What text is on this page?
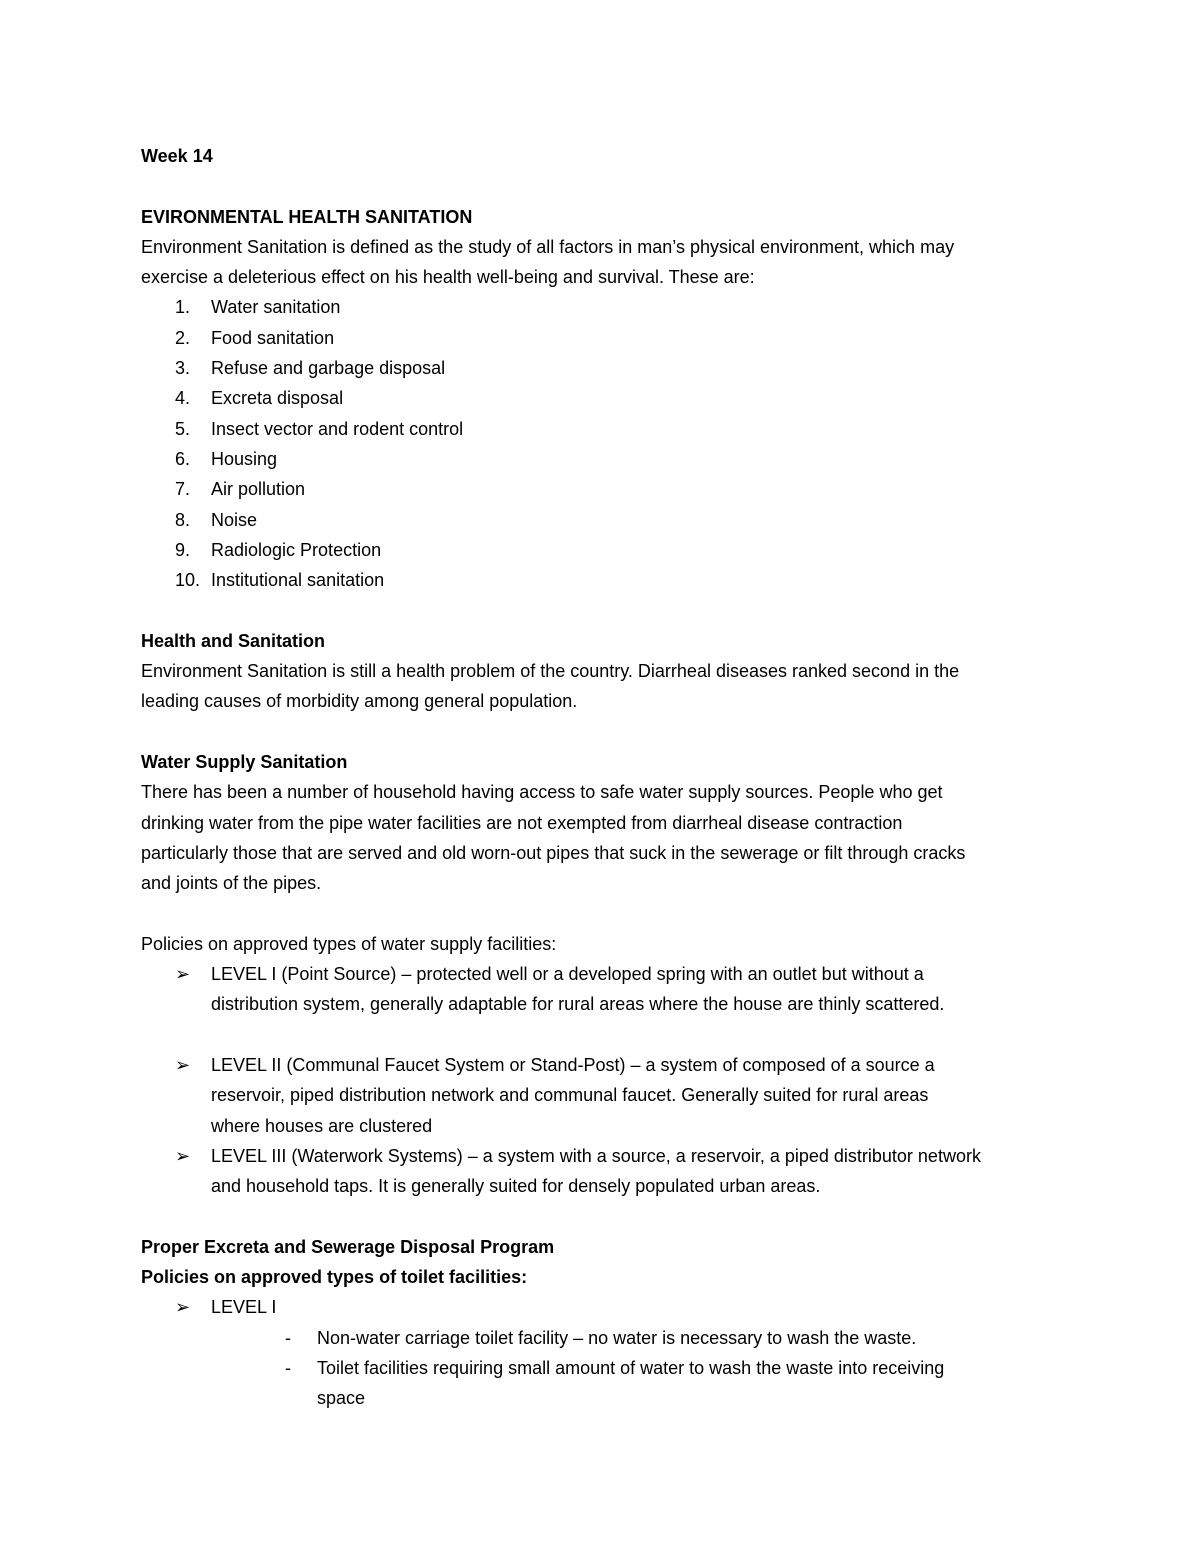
Week 14

EVIRONMENTAL HEALTH SANITATION

Environment Sanitation is defined as the study of all factors in man’s physical environment, which may

exercise a deleterious effect on his health well-being and survival. These are:

1.	Water sanitation
2.	Food sanitation
3.	Refuse and garbage disposal
4.	Excreta disposal
5.	Insect vector and rodent control
6.	Housing
7.	Air pollution
8.	Noise
9.	Radiologic Protection
10. Institutional sanitation

Health and Sanitation

Environment Sanitation is still a health problem of the country. Diarrheal diseases ranked second in the

leading causes of morbidity among general population.

Water Supply Sanitation

There has been a number of household having access to safe water supply sources. People who get

drinking water from the pipe water facilities are not exempted from diarrheal disease contraction

particularly those that are served and old worn-out pipes that suck in the sewerage or filt through cracks

and joints of the pipes.

Policies on approved types of water supply facilities:

➢ LEVEL I (Point Source) – protected well or a developed spring with an outlet but without a

distribution system, generally adaptable for rural areas where the house are thinly scattered.

➢ LEVEL II (Communal Faucet System or Stand-Post) – a system of composed of a source a

reservoir, piped distribution network and communal faucet. Generally suited for rural areas

where houses are clustered

➢ LEVEL III (Waterwork Systems) – a system with a source, a reservoir, a piped distributor network

and household taps. It is generally suited for densely populated urban areas.

Proper Excreta and Sewerage Disposal Program

Policies on approved types of toilet facilities:

➢ LEVEL I

- Non-water carriage toilet facility – no water is necessary to wash the waste.

- Toilet facilities requiring small amount of water to wash the waste into receiving

space
